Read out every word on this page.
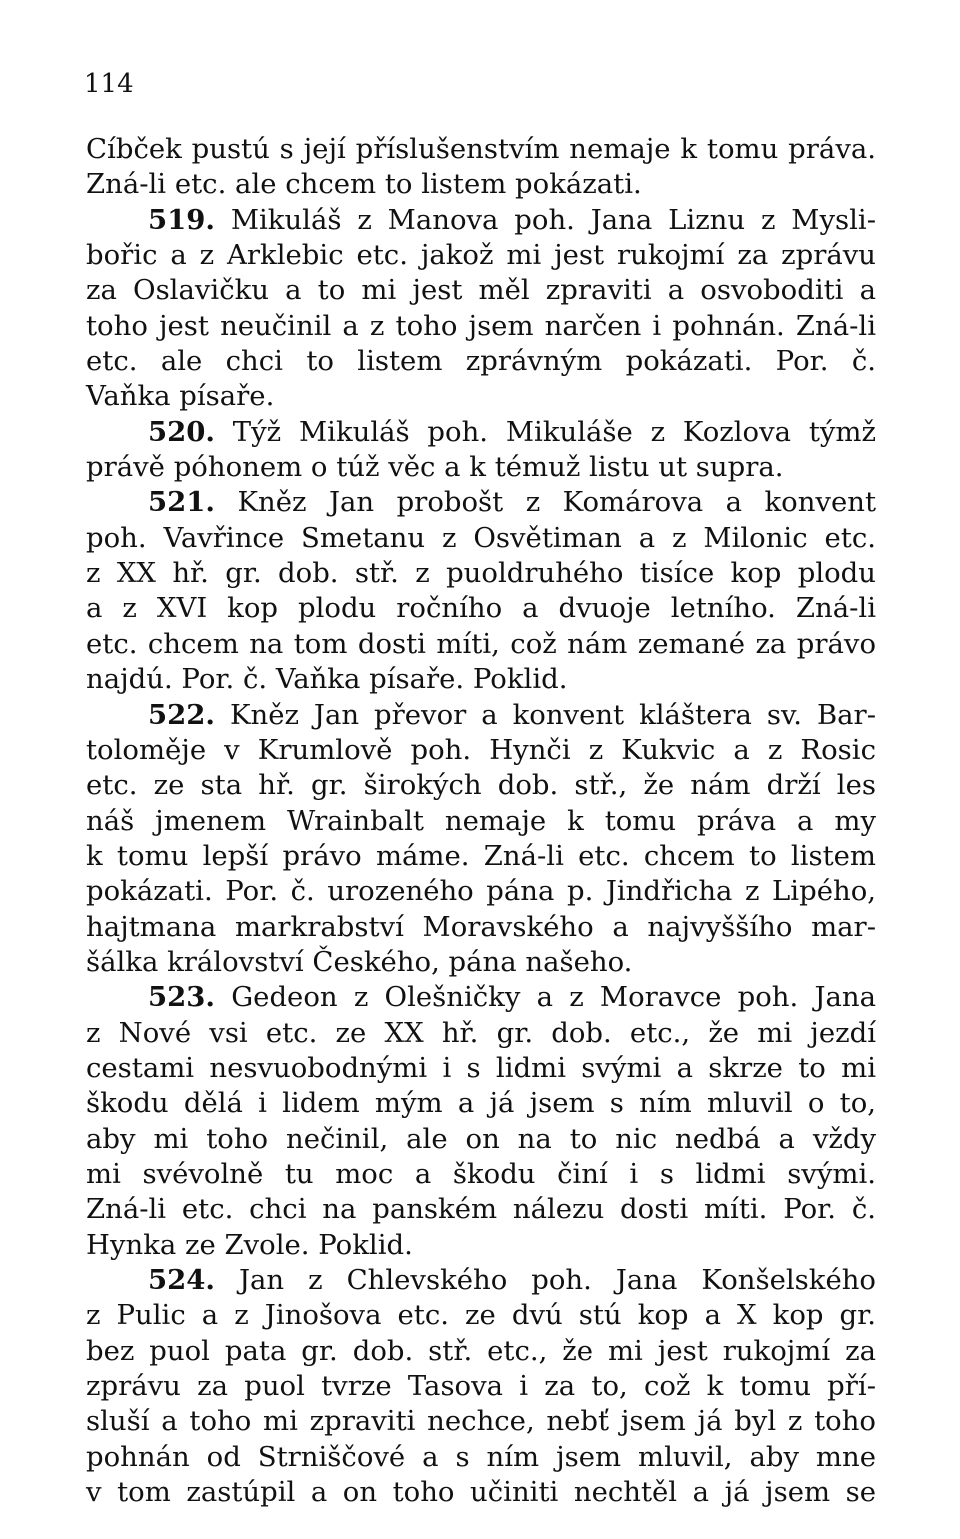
114
Cíbček pustú s její příslušenstvím nemaje k tomu práva.
Zná-li etc. ale chcem to listem pokázati.
519. Mikuláš z Manova poh. Jana Liznu z Mysli-
bořic a z Arklebic etc. jakož mi jest rukojmí za zprávu
za Oslavičku a to mi jest měl zpraviti a osvoboditi a
toho jest neučinil a z toho jsem narčen i pohnán. Zná-li
etc. ale chci to listem zprávným pokázati. Por. č.
Vaňka písaře.
520. Týž Mikuláš poh. Mikuláše z Kozlova týmž
právě póhonem o túž věc a k témuž listu ut supra.
521. Kněz Jan probošt z Komárova a konvent
poh. Vavřince Smetanu z Osvětiman a z Milonic etc.
z XX hř. gr. dob. stř. z puoldruhého tisíce kop plodu
a z XVI kop plodu ročního a dvuoje letního. Zná-li
etc. chcem na tom dosti míti, což nám zemané za právo
najdú. Por. č. Vaňka písaře. Poklid.
522. Kněz Jan převor a konvent kláštera sv. Bar-
toloměje v Krumlově poh. Hynči z Kukvic a z Rosic
etc. ze sta hř. gr. širokých dob. stř., že nám drží les
náš jmenem Wrainbalt nemaje k tomu práva a my
k tomu lepší právo máme. Zná-li etc. chcem to listem
pokázati. Por. č. urozeného pána p. Jindřicha z Lipého,
hajtmana markrabství Moravského a najvyššího mar-
šálka království Českého, pána našeho.
523. Gedeon z Olešničky a z Moravce poh. Jana
z Nové vsi etc. ze XX hř. gr. dob. etc., že mi jezdí
cestami nesvuobodnými i s lidmi svými a skrze to mi
škodu dělá i lidem mým a já jsem s ním mluvil o to,
aby mi toho nečinil, ale on na to nic nedbá a vždy
mi svévolně tu moc a škodu činí i s lidmi svými.
Zná-li etc. chci na panském nálezu dosti míti. Por. č.
Hynka ze Zvole. Poklid.
524. Jan z Chlevského poh. Jana Konšelského
z Pulic a z Jinošova etc. ze dvú stú kop a X kop gr.
bez puol pata gr. dob. stř. etc., že mi jest rukojmí za
zprávu za puol tvrze Tasova i za to, což k tomu pří-
sluší a toho mi zpraviti nechce, nebť jsem já byl z toho
pohnán od Strniščové a s ním jsem mluvil, aby mne
v tom zastúpil a on toho učiniti nechtěl a já jsem se
